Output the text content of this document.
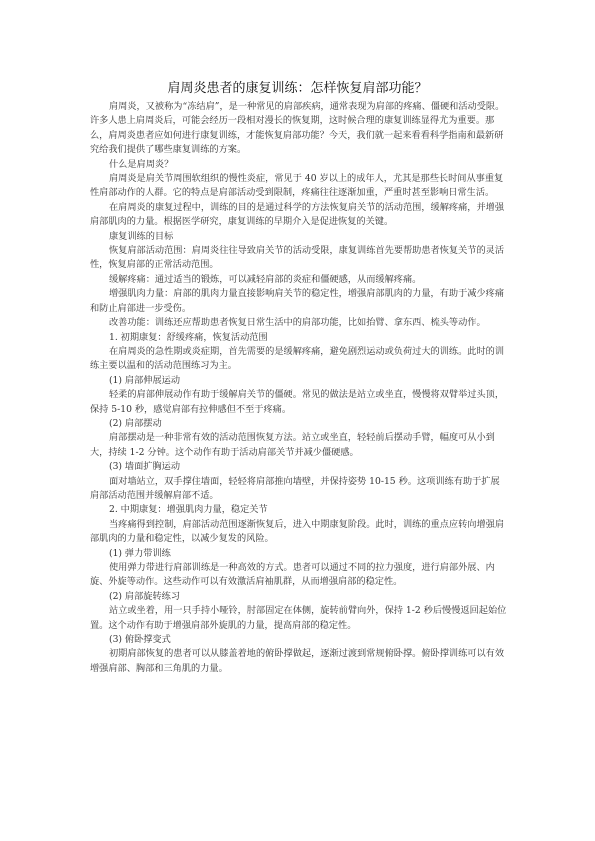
肩周炎患者的康复训练：怎样恢复肩部功能？

肩周炎，又被称为“冻结肩”，是一种常见的肩部疾病，通常表现为肩部的疼痛、僵硬和活动受限。许多人患上肩周炎后，可能会经历一段相对漫长的恢复期，这时候合理的康复训练显得尤为重要。那么，肩周炎患者应如何进行康复训练，才能恢复肩部功能？今天，我们就一起来看看科学指南和最新研究给我们提供了哪些康复训练的方案。

什么是肩周炎？

肩周炎是肩关节周围软组织的慢性炎症，常见于 40 岁以上的成年人，尤其是那些长时间从事重复性肩部动作的人群。它的特点是肩部活动受到限制，疼痛往往逐渐加重，严重时甚至影响日常生活。

在肩周炎的康复过程中，训练的目的是通过科学的方法恢复肩关节的活动范围，缓解疼痛，并增强肩部肌肉的力量。根据医学研究，康复训练的早期介入是促进恢复的关键。

康复训练的目标

恢复肩部活动范围：肩周炎往往导致肩关节的活动受限，康复训练首先要帮助患者恢复关节的灵活性，恢复肩部的正常活动范围。

缓解疼痛：通过适当的锻炼，可以减轻肩部的炎症和僵硬感，从而缓解疼痛。

增强肌肉力量：肩部的肌肉力量直接影响肩关节的稳定性，增强肩部肌肉的力量，有助于减少疼痛和防止肩部进一步受伤。

改善功能：训练还应帮助患者恢复日常生活中的肩部功能，比如抬臂、拿东西、梳头等动作。

1. 初期康复：舒缓疼痛，恢复活动范围

在肩周炎的急性期或炎症期，首先需要的是缓解疼痛，避免剧烈运动或负荷过大的训练。此时的训练主要以温和的活动范围练习为主。

(1) 肩部伸展运动

轻柔的肩部伸展动作有助于缓解肩关节的僵硬。常见的做法是站立或坐直，慢慢将双臂举过头顶，保持 5-10 秒，感觉肩部有拉伸感但不至于疼痛。

(2) 肩部摆动

肩部摆动是一种非常有效的活动范围恢复方法。站立或坐直，轻轻前后摆动手臂，幅度可从小到大，持续 1-2 分钟。这个动作有助于活动肩部关节并减少僵硬感。

(3) 墙面扩胸运动

面对墙站立，双手撑住墙面，轻轻将肩部推向墙壁，并保持姿势 10-15 秒。这项训练有助于扩展肩部活动范围并缓解肩部不适。

2. 中期康复：增强肌肉力量，稳定关节

当疼痛得到控制，肩部活动范围逐渐恢复后，进入中期康复阶段。此时，训练的重点应转向增强肩部肌肉的力量和稳定性，以减少复发的风险。

(1) 弹力带训练

使用弹力带进行肩部训练是一种高效的方式。患者可以通过不同的拉力强度，进行肩部外展、内旋、外旋等动作。这些动作可以有效激活肩袖肌群，从而增强肩部的稳定性。

(2) 肩部旋转练习

站立或坐着，用一只手持小哑铃，肘部固定在体侧，旋转前臂向外，保持 1-2 秒后慢慢返回起始位置。这个动作有助于增强肩部外旋肌的力量，提高肩部的稳定性。

(3) 俯卧撑变式

初期肩部恢复的患者可以从膝盖着地的俯卧撑做起，逐渐过渡到常规俯卧撑。俯卧撑训练可以有效增强肩部、胸部和三角肌的力量。
